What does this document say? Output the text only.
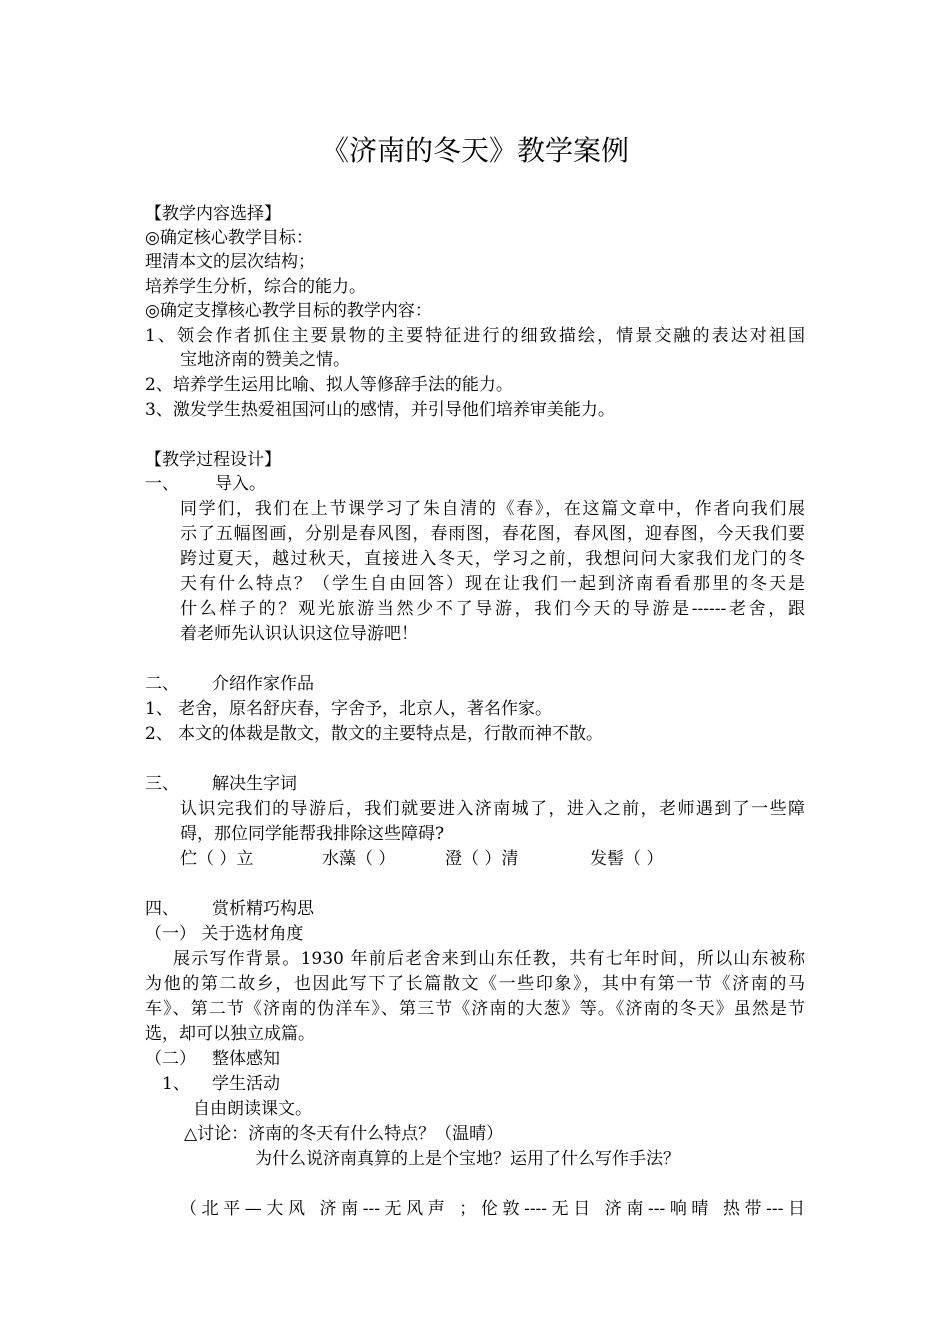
《济南的冬天》教学案例
【教学内容选择】
◎确定核心教学目标：
理清本文的层次结构；
培养学生分析，综合的能力。
◎确定支撑核心教学目标的教学内容：
1、领会作者抓住主要景物的主要特征进行的细致描绘，情景交融的表达对祖国
宝地济南的赞美之情。
2、培养学生运用比喻、拟人等修辞手法的能力。
3、激发学生热爱祖国河山的感情，并引导他们培养审美能力。
【教学过程设计】
一、 导入。
同学们，我们在上节课学习了朱自清的《春》，在这篇文章中，作者向我们展
示了五幅图画，分别是春风图，春雨图，春花图，春风图，迎春图，今天我们要
跨过夏天，越过秋天，直接进入冬天，学习之前，我想问问大家我们龙门的冬
天有什么特点？（学生自由回答）现在让我们一起到济南看看那里的冬天是
什么样子的？观光旅游当然少不了导游，我们今天的导游是------老舍，跟
着老师先认识认识这位导游吧！
二、 介绍作家作品
1、 老舍，原名舒庆春，字舍予，北京人，著名作家。
2、 本文的体裁是散文，散文的主要特点是，行散而神不散。
三、 解决生字词
认识完我们的导游后，我们就要进入济南城了，进入之前，老师遇到了一些障
碍，那位同学能帮我排除这些障碍?
伫（ ）立	水藻（ ）	澄（ ）清	发髻（ ）
四、 赏析精巧构思
（一） 关于选材角度
展示写作背景。1930 年前后老舍来到山东任教，共有七年时间，所以山东被称
为他的第二故乡，也因此写下了长篇散文《一些印象》，其中有第一节《济南的马
车》、第二节《济南的伪洋车》、第三节《济南的大葱》等。《济南的冬天》虽然是节
选，却可以独立成篇。
（二） 整体感知
1、 学生活动
自由朗读课文。
△讨论：济南的冬天有什么特点？（温晴）
为什么说济南真算的上是个宝地？运用了什么写作手法？
（北平—大风 济南---无风声 ；伦敦----无日 济南---响晴 热带---日
